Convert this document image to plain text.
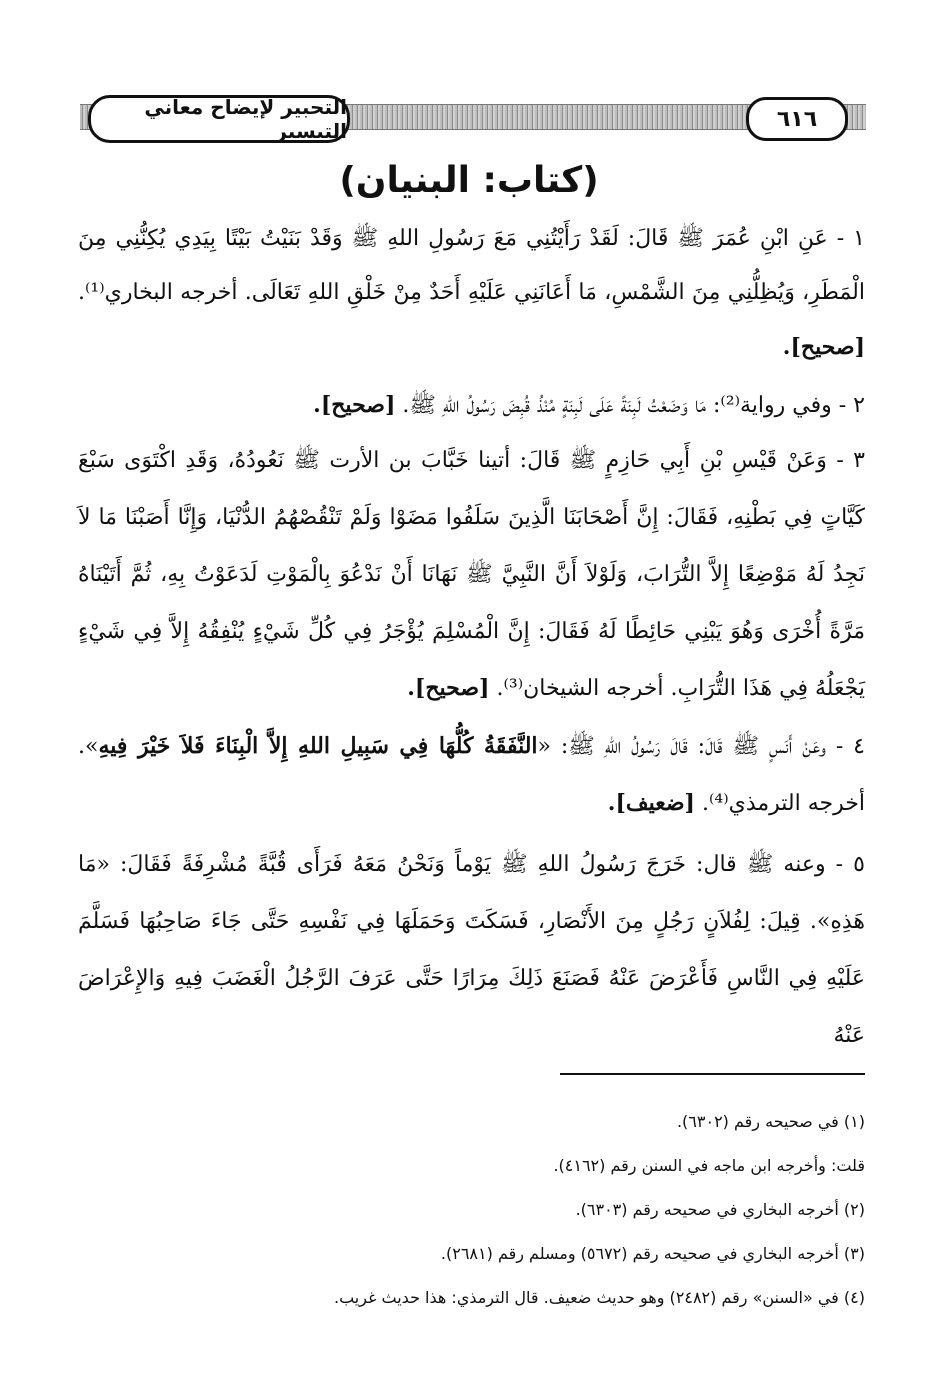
التحبير لإيضاح معاني التيسير	٦١٦
(كتاب: البنيان)

١ - عَنِ ابْنِ عُمَرَ ﷺ قَالَ: لَقَدْ رَأَيْتُنِي مَعَ رَسُولِ اللهِ ﷺ وَقَدْ بَنَيْتُ بَيْتًا بِيَدِي يُكِنُّنِي مِنَ الْمَطَرِ، وَيُظِلُّنِي مِنَ الشَّمْسِ، مَا أَعَانَنِي عَلَيْهِ أَحَدٌ مِنْ خَلْقِ اللهِ تَعَالَى. أخرجه البخاري⁽¹⁾. [صحيح].

٢ - وفي رواية⁽²⁾: مَا وَضَعْتُ لَبِنَةً عَلَى لَبِنَةٍ مُنْذُ قُبِضَ رَسُولُ اللهِ ﷺ. [صحيح].

٣ - وَعَنْ قَيْسِ بْنِ أَبِي حَازِمٍ ﷺ قَالَ: أتينا خَبَّابَ بن الأرت ﷺ نَعُودُهُ، وَقَدِ اكْتَوَى سَبْعَ كَيَّاتٍ فِي بَطْنِهِ، فَقَالَ: إِنَّ أَصْحَابَنَا الَّذِينَ سَلَفُوا مَضَوْا وَلَمْ تَنْقُصْهُمُ الدُّنْيَا، وَإِنَّا أَصَبْنَا مَا لاَ نَجِدُ لَهُ مَوْضِعًا إِلاَّ التُّرَابَ، وَلَوْلاَ أَنَّ النَّبِيَّ ﷺ نَهَانَا أَنْ نَدْعُوَ بِالْمَوْتِ لَدَعَوْتُ بِهِ، ثُمَّ أَتَيْنَاهُ مَرَّةً أُخْرَى وَهُوَ يَبْنِي حَائِطًا لَهُ فَقَالَ: إِنَّ الْمُسْلِمَ يُؤْجَرُ فِي كُلِّ شَيْءٍ يُنْفِقُهُ إِلاَّ فِي شَيْءٍ يَجْعَلُهُ فِي هَذَا التُّرَابِ. أخرجه الشيخان⁽³⁾. [صحيح].

٤ - وعَنْ أَنَسٍ ﷺ قَالَ: قَالَ رَسُولُ اللهِ ﷺ: «النَّفَقَةُ كُلُّهَا فِي سَبِيلِ اللهِ إِلاَّ الْبِنَاءَ فَلاَ خَيْرَ فِيهِ». أخرجه الترمذي⁽⁴⁾. [ضعيف].

٥ - وعنه ﷺ قال: خَرَجَ رَسُولُ اللهِ ﷺ يَوْماً وَنَحْنُ مَعَهُ فَرَأَى قُبَّةً مُشْرِفَةً فَقَالَ: «مَا هَذِهِ». قِيلَ: لِفُلاَنٍ رَجُلٍ مِنَ الأَنْصَارِ، فَسَكَتَ وَحَمَلَهَا فِي نَفْسِهِ حَتَّى جَاءَ صَاحِبُهَا فَسَلَّمَ عَلَيْهِ فِي النَّاسِ فَأَعْرَضَ عَنْهُ فَصَنَعَ ذَلِكَ مِرَارًا حَتَّى عَرَفَ الرَّجُلُ الْغَضَبَ فِيهِ وَالإِعْرَاضَ عَنْهُ

(١) في صحيحه رقم (٦٣٠٢).

قلت: وأخرجه ابن ماجه في السنن رقم (٤١٦٢).

(٢) أخرجه البخاري في صحيحه رقم (٦٣٠٣).

(٣) أخرجه البخاري في صحيحه رقم (٥٦٧٢) ومسلم رقم (٢٦٨١).

(٤) في «السنن» رقم (٢٤٨٢) وهو حديث ضعيف. قال الترمذي: هذا حديث غريب.
